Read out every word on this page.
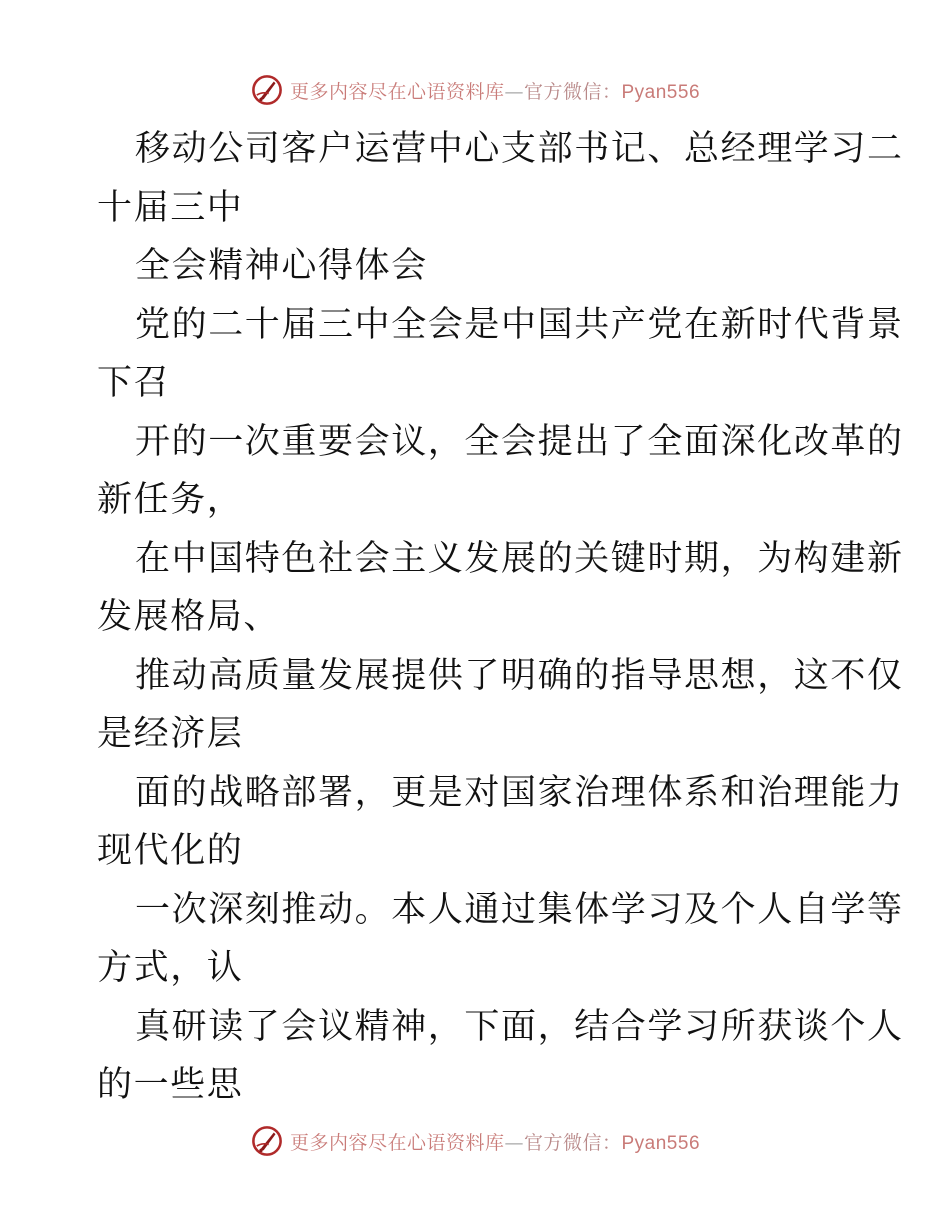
更多内容尽在心语资料库—官方微信：Pyan556
移动公司客户运营中心支部书记、总经理学习二
十届三中
全会精神心得体会
党的二十届三中全会是中国共产党在新时代背景
下召
开的一次重要会议，全会提出了全面深化改革的
新任务，
在中国特色社会主义发展的关键时期，为构建新
发展格局、
推动高质量发展提供了明确的指导思想，这不仅
是经济层
面的战略部署，更是对国家治理体系和治理能力
现代化的
一次深刻推动。本人通过集体学习及个人自学等
方式，认
真研读了会议精神，下面，结合学习所获谈个人
的一些思
更多内容尽在心语资料库—官方微信：Pyan556
